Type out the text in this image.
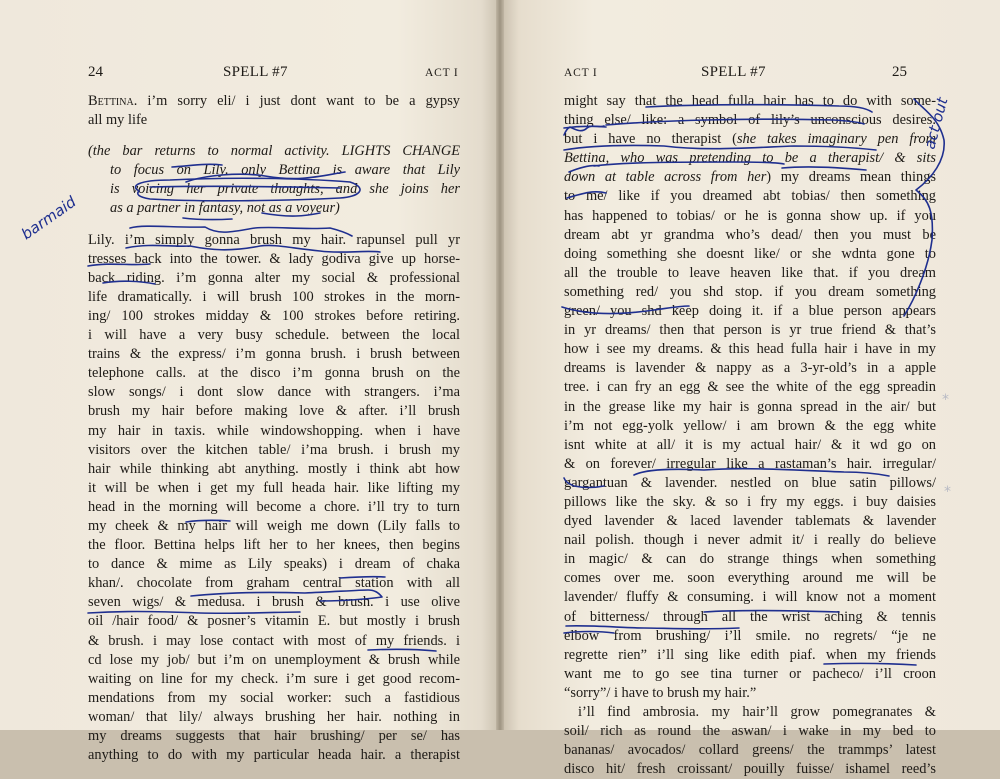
24	SPELL #7	ACT I
Bettina. i’m sorry eli/ i just dont want to be a gypsy
all my life
(the bar returns to normal activity. LIGHTS CHANGE
to focus on Lily. only Bettina is aware that Lily
is voicing her private thoughts, and she joins her
as a partner in fantasy, not as a voyeur)
Lily. i’m simply gonna brush my hair. rapunsel pull yr
tresses back into the tower. & lady godiva give up horse-
back riding. i’m gonna alter my social & professional
life dramatically. i will brush 100 strokes in the morn-
ing/ 100 strokes midday & 100 strokes before retiring.
i will have a very busy schedule. between the local
trains & the express/ i’m gonna brush. i brush between
telephone calls. at the disco i’m gonna brush on the
slow songs/ i dont slow dance with strangers. i’ma
brush my hair before making love & after. i’ll brush
my hair in taxis. while windowshopping. when i have
visitors over the kitchen table/ i’ma brush. i brush my
hair while thinking abt anything. mostly i think abt how
it will be when i get my full heada hair. like lifting my
head in the morning will become a chore. i’ll try to turn
my cheek & my hair will weigh me down (Lily falls to
the floor. Bettina helps lift her to her knees, then begins
to dance & mime as Lily speaks) i dream of chaka
khan/. chocolate from graham central station with all
seven wigs/ & medusa. i brush & brush. i use olive
oil /hair food/ & posner’s vitamin E. but mostly i brush
& brush. i may lose contact with most of my friends. i
cd lose my job/ but i’m on unemployment & brush while
waiting on line for my check. i’m sure i get good recom-
mendations from my social worker: such a fastidious
woman/ that lily/ always brushing her hair. nothing in
my dreams suggests that hair brushing/ per se/ has
anything to do with my particular heada hair. a therapist
barmaid
ACT I	SPELL #7	25
might say that the head fulla hair has to do with some-
thing else/ like: a symbol of lily’s unconscious desires.
but i have no therapist (she takes imaginary pen from
Bettina, who was pretending to be a therapist/ & sits
down at table across from her) my dreams mean things
to me/ like if you dreamed abt tobias/ then something
has happened to tobias/ or he is gonna show up. if you
dream abt yr grandma who’s dead/ then you must be
doing something she doesnt like/ or she wdnta gone to
all the trouble to leave heaven like that. if you dream
something red/ you shd stop. if you dream something
green/ you shd keep doing it. if a blue person appears
in yr dreams/ then that person is yr true friend & that’s
how i see my dreams. & this head fulla hair i have in my
dreams is lavender & nappy as a 3-yr-old’s in a apple
tree. i can fry an egg & see the white of the egg spreadin
in the grease like my hair is gonna spread in the air/ but
i’m not egg-yolk yellow/ i am brown & the egg white
isnt white at all/ it is my actual hair/ & it wd go on
& on forever/ irregular like a rastaman’s hair. irregular/
gargantuan & lavender. nestled on blue satin pillows/
pillows like the sky. & so i fry my eggs. i buy daisies
dyed lavender & laced lavender tablemats & lavender
nail polish. though i never admit it/ i really do believe
in magic/ & can do strange things when something
comes over me. soon everything around me will be
lavender/ fluffy & consuming. i will know not a moment
of bitterness/ through all the wrist aching & tennis
elbow from brushing/ i’ll smile. no regrets/ “je ne
regrette rien” i’ll sing like edith piaf. when my friends
want me to go see tina turner or pacheco/ i’ll croon
“sorry”/ i have to brush my hair.”
i’ll find ambrosia. my hair’ll grow pomegranates &
soil/ rich as round the aswan/ i wake in my bed to
bananas/ avocados/ collard greens/ the trammps’ latest
disco hit/ fresh croissant/ pouilly fuisse/ ishamel reed’s
act out
*
*
